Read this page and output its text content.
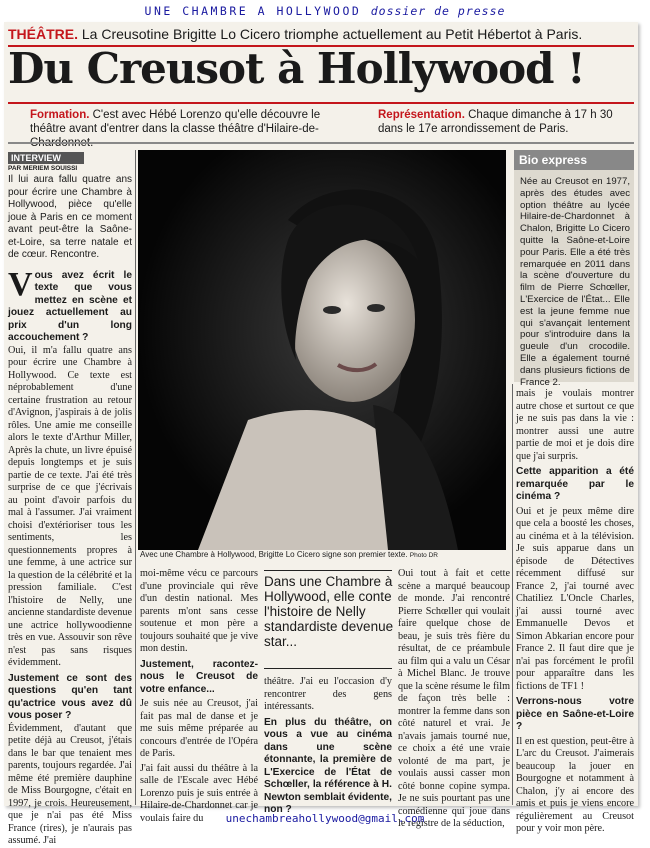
UNE CHAMBRE A HOLLYWOOD dossier de presse
THÉÂTRE. La Creusotine Brigitte Lo Cicero triomphe actuellement au Petit Hébertot à Paris.
Du Creusot à Hollywood !
Formation. C'est avec Hébé Lorenzo qu'elle découvre le théâtre avant d'entrer dans la classe théâtre d'Hilaire-de-
Représentation. Chaque dimanche à 17 h 30 dans le 17e arrondissement de Paris.
INTERVIEW
PAR MERIEM SOUISSI
Il lui aura fallu quatre ans pour écrire une Chambre à Hollywood, pièce qu'elle joue à Paris en ce moment avant peut-être la Saône-et-Loire, sa terre natale et de cœur. Rencontre.
Vous avez écrit le texte que vous mettez en scène et jouez actuellement au prix d'un long accouchement ?
Oui, il m'a fallu quatre ans pour écrire une Chambre à Hollywood. Ce texte est néprobablement d'une certaine frustration au retour d'Avignon, j'aspirais à de jolis rôles. Une amie me conseille alors le texte d'Arthur Miller, Après la chute, un livre épuisé depuis longtemps et je suis partie de ce texte. J'ai été très surprise de ce que j'écrivais au point d'avoir parfois du mal à l'assumer. J'ai vraiment choisi d'extérioriser tous les sentiments, les questionnements propres à une femme, à une actrice sur la question de la célébrité et la pression familiale. C'est l'histoire de Nelly, une ancienne standardiste devenue une actrice hollywoodienne très en vue. Assouvir son rêve n'est pas sans risques évidemment.
Justement ce sont des questions qu'en tant qu'actrice vous avez dû vous poser ?
Évidemment, d'autant que petite déjà au Creusot, j'étais dans le bar que tenaient mes parents, toujours regardée. J'ai même été première dauphine de Miss Bourgogne, c'était en 1997, je crois. Heureusement, que je n'ai pas été Miss France (rires), je n'aurais pas assumé. J'ai
Avec une Chambre à Hollywood, Brigitte Lo Cicero signe son premier texte. Photo DR
moi-même vécu ce parcours d'une provinciale qui rêve d'un destin national. Mes parents m'ont sans cesse soutenue et mon père a toujours souhaité que je vive mon destin.
Justement, racontez-nous le Creusot de votre enfance...
Je suis née au Creusot, j'ai fait pas mal de danse et je me suis même préparée au concours d'entrée de l'Opéra de Paris.
J'ai fait aussi du théâtre à la salle de l'Escale avec Hébé Lorenzo puis je suis entrée à Hilaire-de-Chardonnet car je voulais faire du
Dans une Chambre à Hollywood, elle conte l'histoire de Nelly standardiste devenue star...
théâtre. J'ai eu l'occasion d'y rencontrer des gens intéressants.
En plus du théâtre, on vous a vue au cinéma dans une scène étonnante, la première de L'Exercice de l'État de Schœller, la référence à H. Newton semblait évidente, non ?
Oui tout à fait et cette scène a marqué beaucoup de monde. J'ai rencontré Pierre Schœller qui voulait faire quelque chose de beau, je suis très fière du résultat, de ce préambule au film qui a valu un César à Michel Blanc. Je trouve que la scène résume le film de façon très belle : montrer la femme dans son côté naturel et vrai. Je n'avais jamais tourné nue, ce choix a été une vraie volonté de ma part, je voulais aussi casser mon côté bonne copine sympa. Je ne suis pourtant pas une comédienne qui joue dans le registre de la séduction,
Bio express
Née au Creusot en 1977, après des études avec option théâtre au lycée Hilaire-de-Chardonnet à Chalon, Brigitte Lo Cicero quitte la Saône-et-Loire pour Paris. Elle a été très remarquée en 2011 dans la scène d'ouverture du film de Pierre Schœller, L'Exercice de l'État... Elle est la jeune femme nue qui s'avançait lentement pour s'introduire dans la gueule d'un crocodile. Elle a également tourné dans plusieurs fictions de France 2.
mais je voulais montrer autre chose et surtout ce que je ne suis pas dans la vie : montrer aussi une autre partie de moi et je dois dire que j'ai surpris.
Cette apparition a été remarquée par le cinéma ?
Oui et je peux même dire que cela a boosté les choses, au cinéma et à la télévision. Je suis apparue dans un épisode de Détectives récemment diffusé sur France 2, j'ai tourné avec Chatiliez L'Oncle Charles, j'ai aussi tourné avec Emmanuelle Devos et Simon Abkarian encore pour France 2. Il faut dire que je n'ai pas forcément le profil pour apparaître dans les fictions de TF1 !
Verrons-nous votre pièce en Saône-et-Loire ?
Il en est question, peut-être à L'arc du Creusot. J'aimerais beaucoup la jouer en Bourgogne et notamment à Chalon, j'y ai encore des amis et puis je viens encore régulièrement au Creusot pour y voir mon père.
unechambreahollywood@gmail.com
